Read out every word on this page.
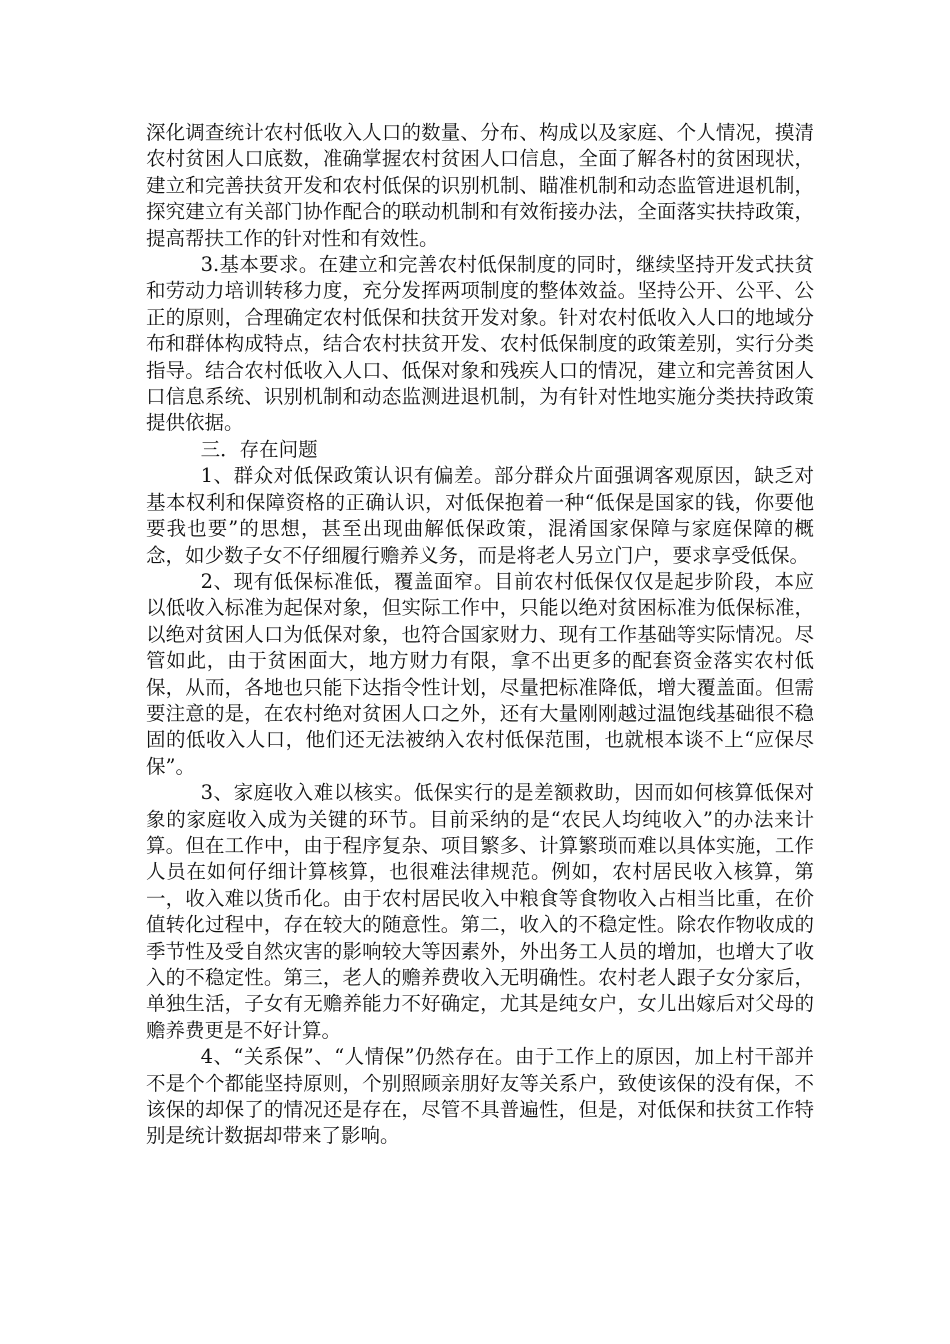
深化调查统计农村低收入人口的数量、分布、构成以及家庭、个人情况，摸清农村贫困人口底数，准确掌握农村贫困人口信息，全面了解各村的贫困现状，建立和完善扶贫开发和农村低保的识别机制、瞄准机制和动态监管进退机制，探究建立有关部门协作配合的联动机制和有效衔接办法，全面落实扶持政策，提高帮扶工作的针对性和有效性。

3.基本要求。在建立和完善农村低保制度的同时，继续坚持开发式扶贫和劳动力培训转移力度，充分发挥两项制度的整体效益。坚持公开、公平、公正的原则，合理确定农村低保和扶贫开发对象。针对农村低收入人口的地域分布和群体构成特点，结合农村扶贫开发、农村低保制度的政策差别，实行分类指导。结合农村低收入人口、低保对象和残疾人口的情况，建立和完善贫困人口信息系统、识别机制和动态监测进退机制，为有针对性地实施分类扶持政策提供依据。

三．存在问题

1、群众对低保政策认识有偏差。部分群众片面强调客观原因，缺乏对基本权利和保障资格的正确认识，对低保抱着一种“低保是国家的钱，你要他要我也要”的思想，甚至出现曲解低保政策，混淆国家保障与家庭保障的概念，如少数子女不仔细履行赡养义务，而是将老人另立门户，要求享受低保。

2、现有低保标准低，覆盖面窄。目前农村低保仅仅是起步阶段，本应以低收入标准为起保对象，但实际工作中，只能以绝对贫困标准为低保标准，以绝对贫困人口为低保对象，也符合国家财力、现有工作基础等实际情况。尽管如此，由于贫困面大，地方财力有限，拿不出更多的配套资金落实农村低保，从而，各地也只能下达指令性计划，尽量把标准降低，增大覆盖面。但需要注意的是，在农村绝对贫困人口之外，还有大量刚刚越过温饱线基础很不稳固的低收入人口，他们还无法被纳入农村低保范围，也就根本谈不上“应保尽保”。

3、家庭收入难以核实。低保实行的是差额救助，因而如何核算低保对象的家庭收入成为关键的环节。目前采纳的是“农民人均纯收入”的办法来计算。但在工作中，由于程序复杂、项目繁多、计算繁琐而难以具体实施，工作人员在如何仔细计算核算，也很难法律规范。例如，农村居民收入核算，第一，收入难以货币化。由于农村居民收入中粮食等食物收入占相当比重，在价值转化过程中，存在较大的随意性。第二，收入的不稳定性。除农作物收成的季节性及受自然灾害的影响较大等因素外，外出务工人员的增加，也增大了收入的不稳定性。第三，老人的赡养费收入无明确性。农村老人跟子女分家后，单独生活，子女有无赡养能力不好确定，尤其是纯女户，女儿出嫁后对父母的赡养费更是不好计算。

4、“关系保”、“人情保”仍然存在。由于工作上的原因，加上村干部并不是个个都能坚持原则，个别照顾亲朋好友等关系户，致使该保的没有保，不该保的却保了的情况还是存在，尽管不具普遍性，但是，对低保和扶贫工作特别是统计数据却带来了影响。
